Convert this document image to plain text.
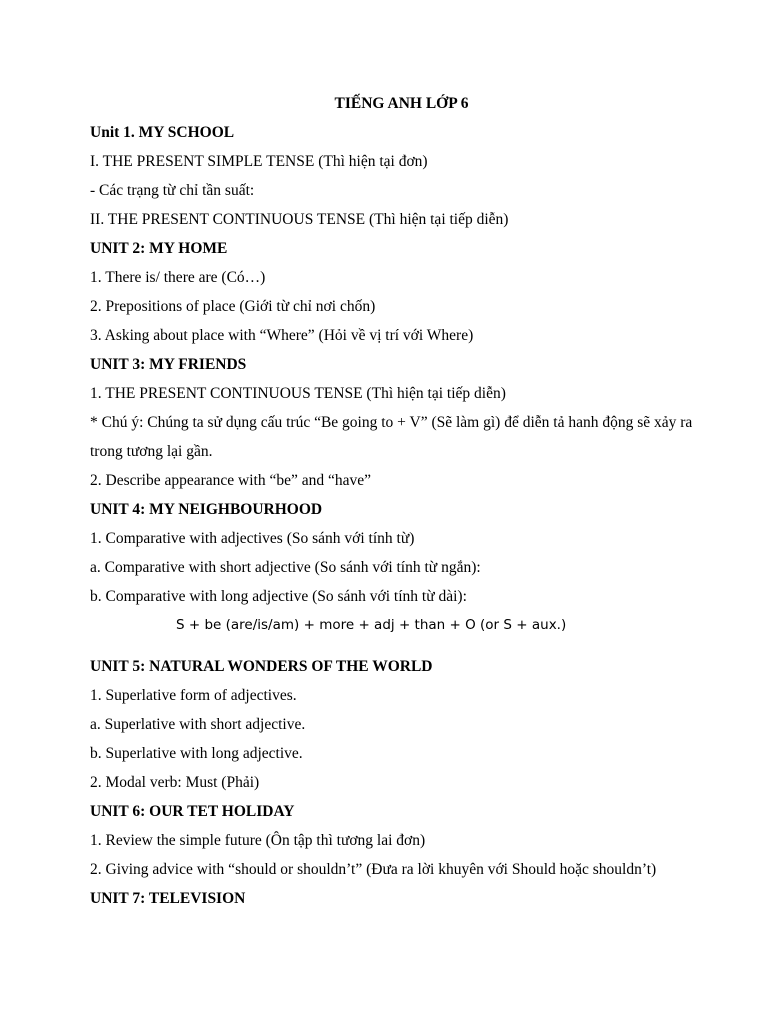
TIẾNG ANH LỚP 6
Unit 1. MY SCHOOL
I. THE PRESENT SIMPLE TENSE (Thì hiện tại đơn)
- Các trạng từ chỉ tần suất:
II. THE PRESENT CONTINUOUS TENSE (Thì hiện tại tiếp diễn)
UNIT 2: MY HOME
1. There is/ there are (Có…)
2. Prepositions of place (Giới từ chỉ nơi chốn)
3. Asking about place with “Where” (Hỏi về vị trí với Where)
UNIT 3: MY FRIENDS
1. THE PRESENT CONTINUOUS TENSE (Thì hiện tại tiếp diễn)
* Chú ý: Chúng ta sử dụng cấu trúc “Be going to + V” (Sẽ làm gì) để diễn tả hanh động sẽ xảy ra trong tương lại gần.
2. Describe appearance with “be” and “have”
UNIT 4: MY NEIGHBOURHOOD
1. Comparative with adjectives (So sánh với tính từ)
a. Comparative with short adjective (So sánh với tính từ ngắn):
b. Comparative with long adjective (So sánh với tính từ dài):
S + be (are/is/am) + more + adj + than + O (or S + aux.)
UNIT 5: NATURAL WONDERS OF THE WORLD
1. Superlative form of adjectives.
a. Superlative with short adjective.
b. Superlative with long adjective.
2. Modal verb: Must (Phải)
UNIT 6: OUR TET HOLIDAY
1. Review the simple future (Ôn tập thì tương lai đơn)
2. Giving advice with “should or shouldn’t” (Đưa ra lời khuyên với Should hoặc shouldn’t)
UNIT 7: TELEVISION
